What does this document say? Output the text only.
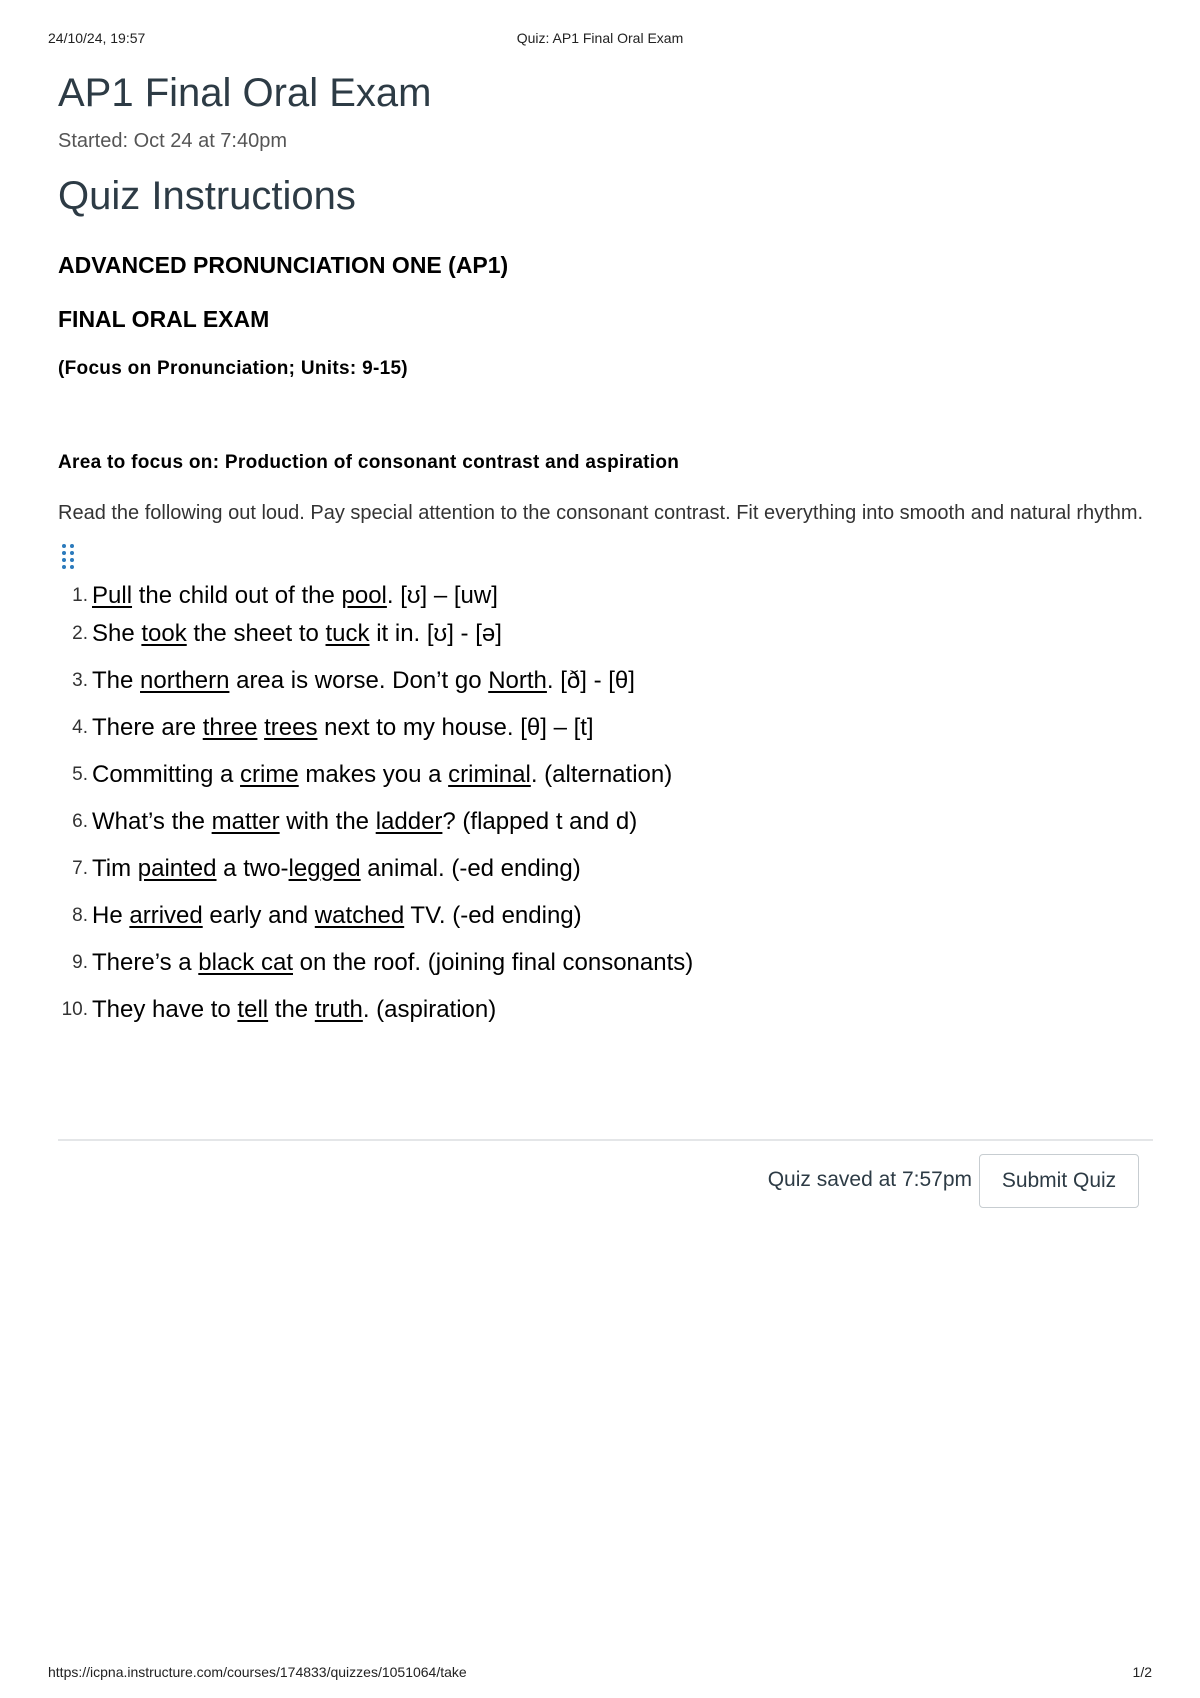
24/10/24, 19:57	Quiz: AP1 Final Oral Exam
AP1 Final Oral Exam
Started: Oct 24 at 7:40pm
Quiz Instructions

ADVANCED PRONUNCIATION ONE (AP1)

FINAL ORAL EXAM

(Focus on Pronunciation; Units: 9-15)

Area to focus on: Production of consonant contrast and aspiration

Read the following out loud. Pay special attention to the consonant contrast. Fit everything into smooth and natural rhythm.
1. Pull the child out of the pool. [ʊ] – [uw]
2. She took the sheet to tuck it in. [ʊ] - [ə]
3. The northern area is worse. Don’t go North. [ð] - [θ]
4. There are three trees next to my house. [θ] – [t]
5. Committing a crime makes you a criminal. (alternation)
6. What’s the matter with the ladder? (flapped t and d)
7. Tim painted a two-legged animal. (-ed ending)
8. He arrived early and watched TV. (-ed ending)
9. There’s a black cat on the roof. (joining final consonants)
10. They have to tell the truth. (aspiration)
Quiz saved at 7:57pm	Submit Quiz
https://icpna.instructure.com/courses/174833/quizzes/1051064/take	1/2
